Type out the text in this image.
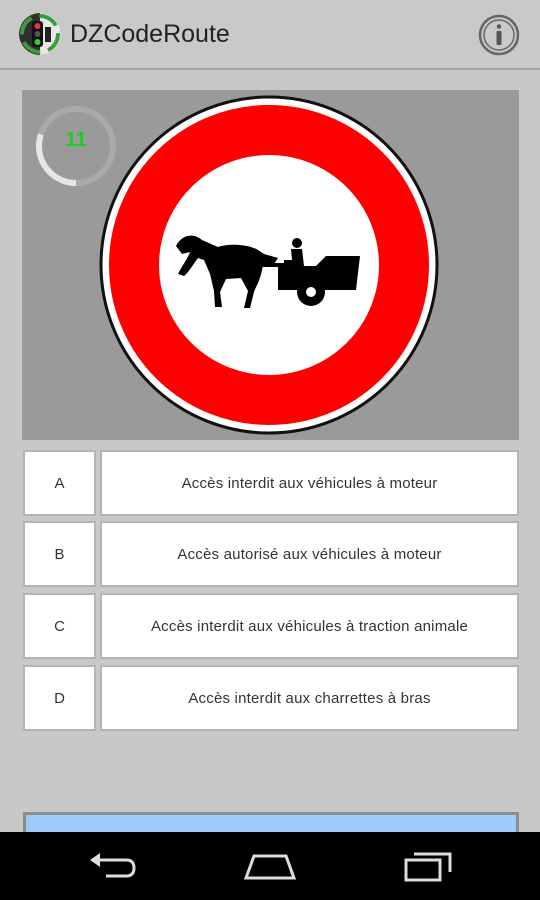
DZCodeRoute
11
A	Accès interdit aux véhicules à moteur
B	Accès autorisé aux véhicules à moteur
C	Accès interdit aux véhicules à traction animale
D	Accès interdit aux charrettes à bras
